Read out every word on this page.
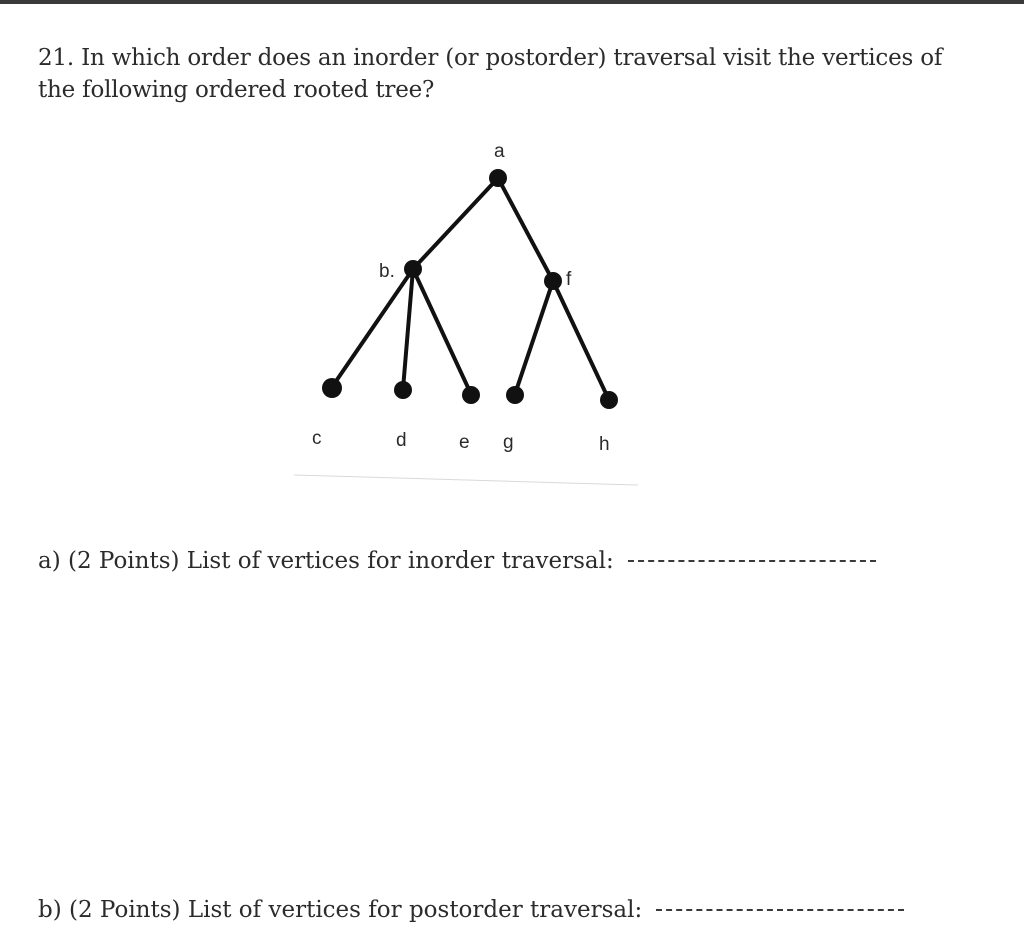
21. In which order does an inorder (or postorder) traversal visit the vertices of the following ordered rooted tree?
a
b.	f
c	d	e g	h
a) (2 Points) List of vertices for inorder traversal:
b) (2 Points) List of vertices for postorder traversal:
